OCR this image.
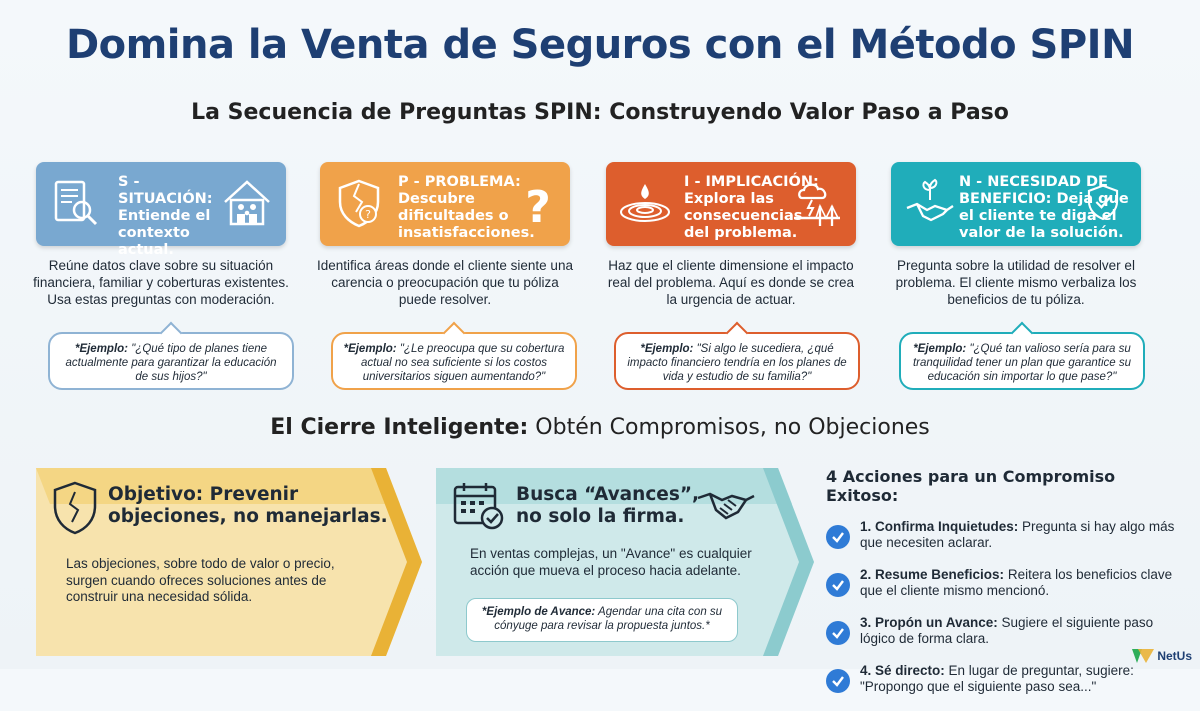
Domina la Venta de Seguros con el Método SPIN
La Secuencia de Preguntas SPIN: Construyendo Valor Paso a Paso
S - SITUACIÓN: Entiende el contexto actual.
?
P - PROBLEMA: Descubre dificultades o insatisfacciones.
?	I - IMPLICACIÓN: Explora las consecuencias del problema.
N - NECESIDAD DE BENEFICIO: Deja que el cliente te diga el valor de la solución.
Reúne datos clave sobre su situación financiera, familiar y coberturas existentes. Usa estas preguntas con moderación.
Identifica áreas donde el cliente siente una carencia o preocupación que tu póliza puede resolver.
Haz que el cliente dimensione el impacto real del problema. Aquí es donde se crea la urgencia de actuar.
Pregunta sobre la utilidad de resolver el problema. El cliente mismo verbaliza los beneficios de tu póliza.
*Ejemplo: "¿Qué tipo de planes tiene actualmente para garantizar la educación de sus hijos?"
*Ejemplo: "¿Le preocupa que su cobertura actual no sea suficiente si los costos universitarios siguen aumentando?"
*Ejemplo: "Si algo le sucediera, ¿qué impacto financiero tendría en los planes de vida y estudio de su familia?"
*Ejemplo: "¿Qué tan valioso sería para su tranquilidad tener un plan que garantice su educación sin importar lo que pase?"
El Cierre Inteligente: Obtén Compromisos, no Objeciones
Objetivo: Prevenir objeciones, no manejarlas.
Las objeciones, sobre todo de valor o precio, surgen cuando ofreces soluciones antes de construir una necesidad sólida.
Busca “Avances”, no solo la firma.
En ventas complejas, un "Avance" es cualquier acción que mueva el proceso hacia adelante.
*Ejemplo de Avance: Agendar una cita con su cónyuge para revisar la propuesta juntos.*
4 Acciones para un Compromiso Exitoso:
1. Confirma Inquietudes: Pregunta si hay algo más que necesiten aclarar.
2. Resume Beneficios: Reitera los beneficios clave que el cliente mismo mencionó.
3. Propón un Avance: Sugiere el siguiente paso lógico de forma clara.
4. Sé directo: En lugar de preguntar, sugiere: "Propongo que el siguiente paso sea..."
NetUs
